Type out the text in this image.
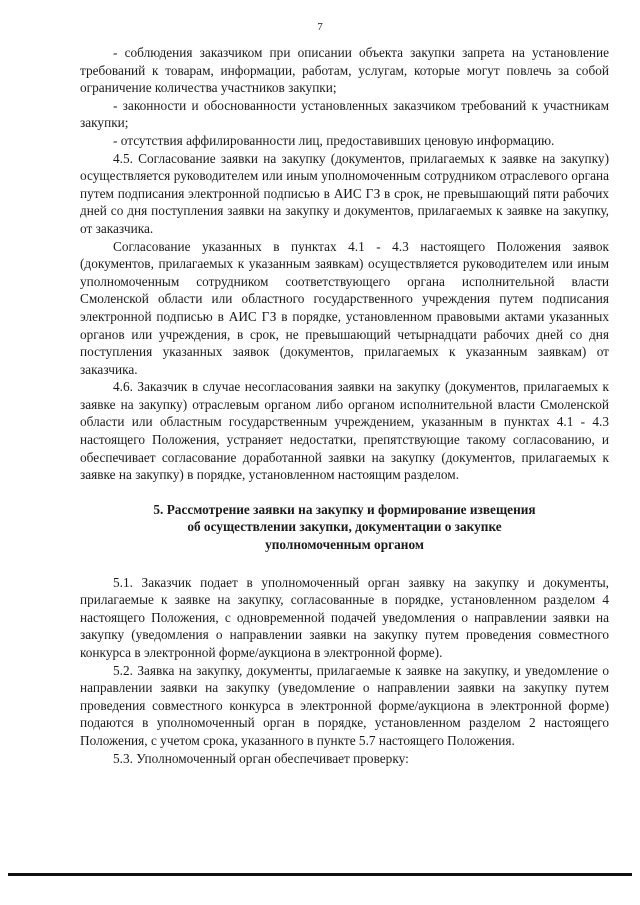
7

- соблюдения заказчиком при описании объекта закупки запрета на установление требований к товарам, информации, работам, услугам, которые могут повлечь за собой ограничение количества участников закупки;

- законности и обоснованности установленных заказчиком требований к участникам закупки;

- отсутствия аффилированности лиц, предоставивших ценовую информацию.

4.5. Согласование заявки на закупку (документов, прилагаемых к заявке на закупку) осуществляется руководителем или иным уполномоченным сотрудником отраслевого органа путем подписания электронной подписью в АИС ГЗ в срок, не превышающий пяти рабочих дней со дня поступления заявки на закупку и документов, прилагаемых к заявке на закупку, от заказчика.

Согласование указанных в пунктах 4.1 - 4.3 настоящего Положения заявок (документов, прилагаемых к указанным заявкам) осуществляется руководителем или иным уполномоченным сотрудником соответствующего органа исполнительной власти Смоленской области или областного государственного учреждения путем подписания электронной подписью в АИС ГЗ в порядке, установленном правовыми актами указанных органов или учреждения, в срок, не превышающий четырнадцати рабочих дней со дня поступления указанных заявок (документов, прилагаемых к указанным заявкам) от заказчика.

4.6. Заказчик в случае несогласования заявки на закупку (документов, прилагаемых к заявке на закупку) отраслевым органом либо органом исполнительной власти Смоленской области или областным государственным учреждением, указанным в пунктах 4.1 - 4.3 настоящего Положения, устраняет недостатки, препятствующие такому согласованию, и обеспечивает согласование доработанной заявки на закупку (документов, прилагаемых к заявке на закупку) в порядке, установленном настоящим разделом.

5. Рассмотрение заявки на закупку и формирование извещения
об осуществлении закупки, документации о закупке
уполномоченным органом

5.1. Заказчик подает в уполномоченный орган заявку на закупку и документы, прилагаемые к заявке на закупку, согласованные в порядке, установленном разделом 4 настоящего Положения, с одновременной подачей уведомления о направлении заявки на закупку (уведомления о направлении заявки на закупку путем проведения совместного конкурса в электронной форме/аукциона в электронной форме).

5.2. Заявка на закупку, документы, прилагаемые к заявке на закупку, и уведомление о направлении заявки на закупку (уведомление о направлении заявки на закупку путем проведения совместного конкурса в электронной форме/аукциона в электронной форме) подаются в уполномоченный орган в порядке, установленном разделом 2 настоящего Положения, с учетом срока, указанного в пункте 5.7 настоящего Положения.

5.3. Уполномоченный орган обеспечивает проверку:
